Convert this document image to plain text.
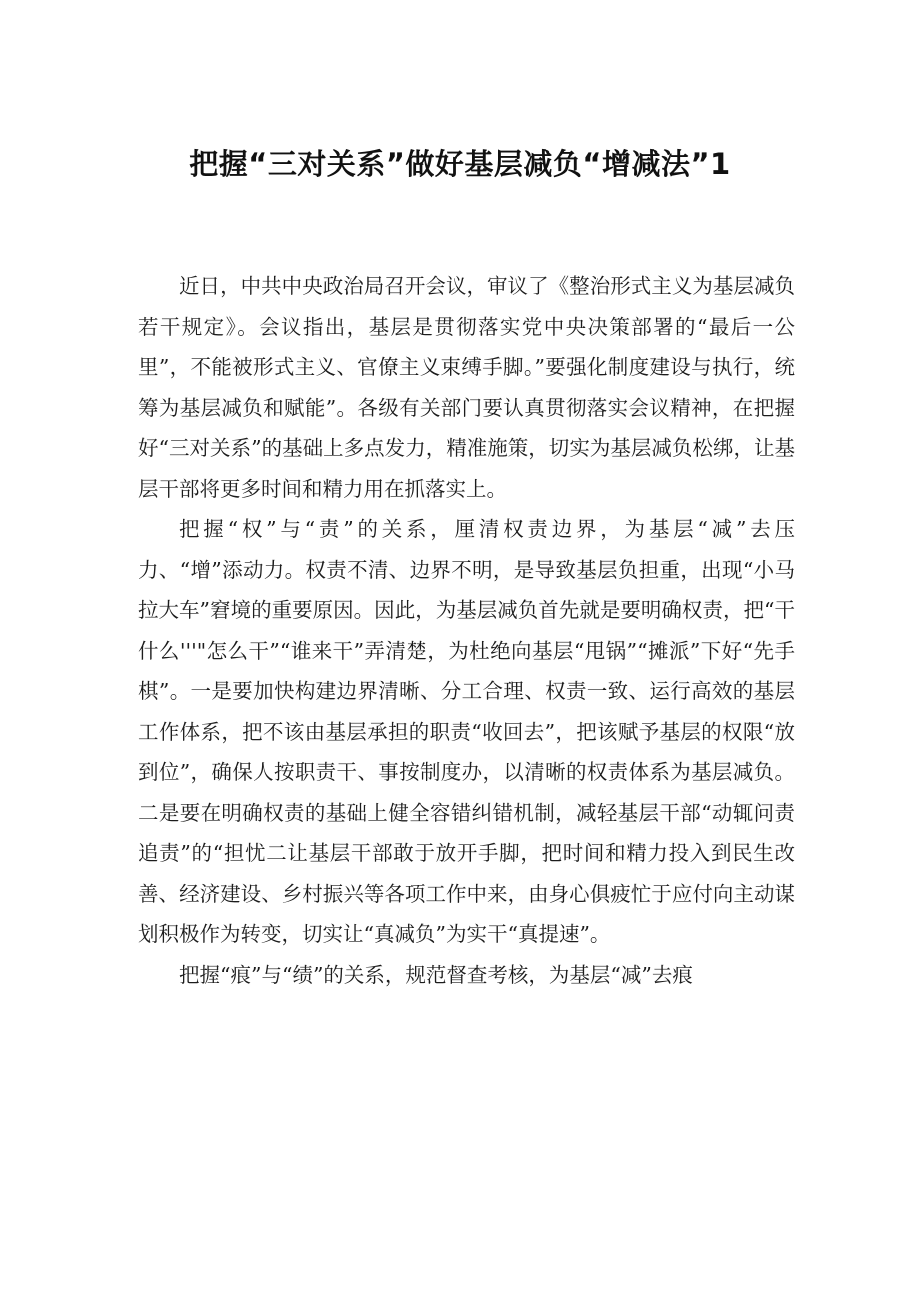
把握“三对关系”做好基层减负“增减法”1

近日，中共中央政治局召开会议，审议了《整治形式主义为基层减负若干规定》。会议指出，基层是贯彻落实党中央决策部署的“最后一公里”，不能被形式主义、官僚主义束缚手脚。”要强化制度建设与执行，统筹为基层减负和赋能”。各级有关部门要认真贯彻落实会议精神，在把握好“三对关系”的基础上多点发力，精准施策，切实为基层减负松绑，让基层干部将更多时间和精力用在抓落实上。

把握“权”与“责”的关系，厘清权责边界，为基层“减”去压力、“增”添动力。权责不清、边界不明，是导致基层负担重，出现“小马拉大车”窘境的重要原因。因此，为基层减负首先就是要明确权责，把“干什么'''"怎么干”“谁来干”弄清楚，为杜绝向基层“甩锅”“摊派”下好“先手棋”。一是要加快构建边界清晰、分工合理、权责一致、运行高效的基层工作体系，把不该由基层承担的职责“收回去”，把该赋予基层的权限“放到位”，确保人按职责干、事按制度办，以清晰的权责体系为基层减负。二是要在明确权责的基础上健全容错纠错机制，减轻基层干部“动辄问责追责”的“担忧二让基层干部敢于放开手脚，把时间和精力投入到民生改善、经济建设、乡村振兴等各项工作中来，由身心俱疲忙于应付向主动谋划积极作为转变，切实让“真减负”为实干“真提速”。

把握“痕”与“绩”的关系，规范督查考核，为基层“减”去痕
